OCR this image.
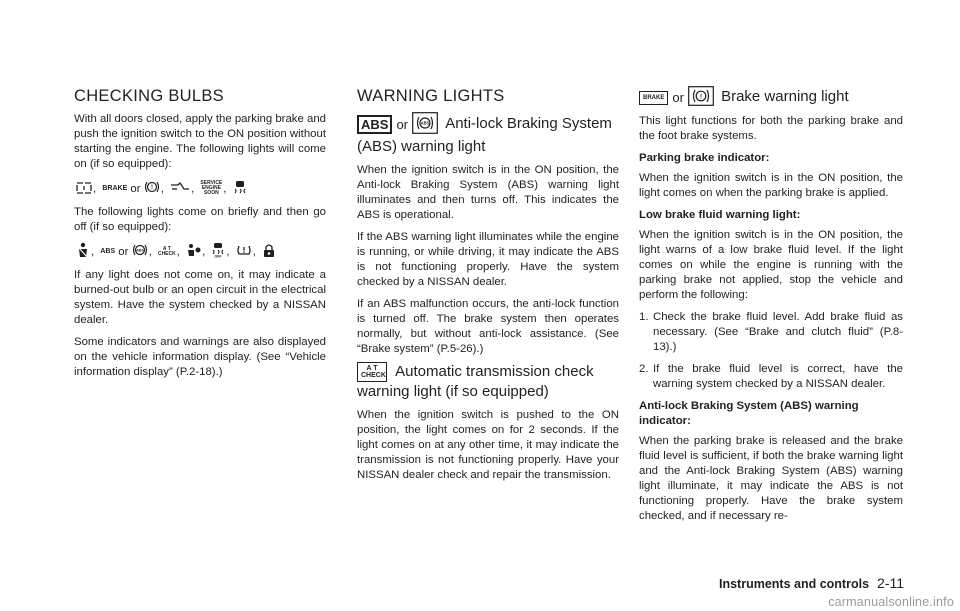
CHECKING BULBS

With all doors closed, apply the parking brake and push the ignition switch to the ON position without starting the engine. The following lights will come on (if so equipped):

, BRAKE or ! , , SERVICE
ENGINE
SOON ,

The following lights come on briefly and then go off (if so equipped):

, ABS or ABS , A T
CHECK, ,	OFF , ,

If any light does not come on, it may indicate a burned-out bulb or an open circuit in the electrical system. Have the system checked by a NISSAN dealer.

Some indicators and warnings are also displayed on the vehicle information display. (See “Vehicle information display” (P.2-18).)

WARNING LIGHTS
ABS or	ABS Anti-lock Braking System (ABS) warning light

When the ignition switch is in the ON position, the Anti-lock Braking System (ABS) warning light illuminates and then turns off. This indicates the ABS is operational.

If the ABS warning light illuminates while the engine is running, or while driving, it may indicate the ABS is not functioning properly. Have the system checked by a NISSAN dealer.

If an ABS malfunction occurs, the anti-lock function is turned off. The brake system then operates normally, but without anti-lock assistance. (See “Brake system” (P.5-26).)

A T
CHECK Automatic transmission check warning light (if so equipped)

When the ignition switch is pushed to the ON position, the light comes on for 2 seconds. If the light comes on at any other time, it may indicate the transmission is not functioning properly. Have your NISSAN dealer check and repair the transmission.

BRAKE or ! Brake warning light

This light functions for both the parking brake and the foot brake systems.

Parking brake indicator:

When the ignition switch is in the ON position, the light comes on when the parking brake is applied.

Low brake fluid warning light:

When the ignition switch is in the ON position, the light warns of a low brake fluid level. If the light comes on while the engine is running with the parking brake not applied, stop the vehicle and perform the following:

1. Check the brake fluid level. Add brake fluid as necessary. (See “Brake and clutch fluid” (P.8-13).)
2. If the brake fluid level is correct, have the warning system checked by a NISSAN dealer.

Anti-lock Braking System (ABS) warning indicator:

When the parking brake is released and the brake fluid level is sufficient, if both the brake warning light and the Anti-lock Braking System (ABS) warning light illuminate, it may indicate the ABS is not functioning properly. Have the brake system checked, and if necessary re-

Instruments and controls 2-11
carmanualsonline.info
